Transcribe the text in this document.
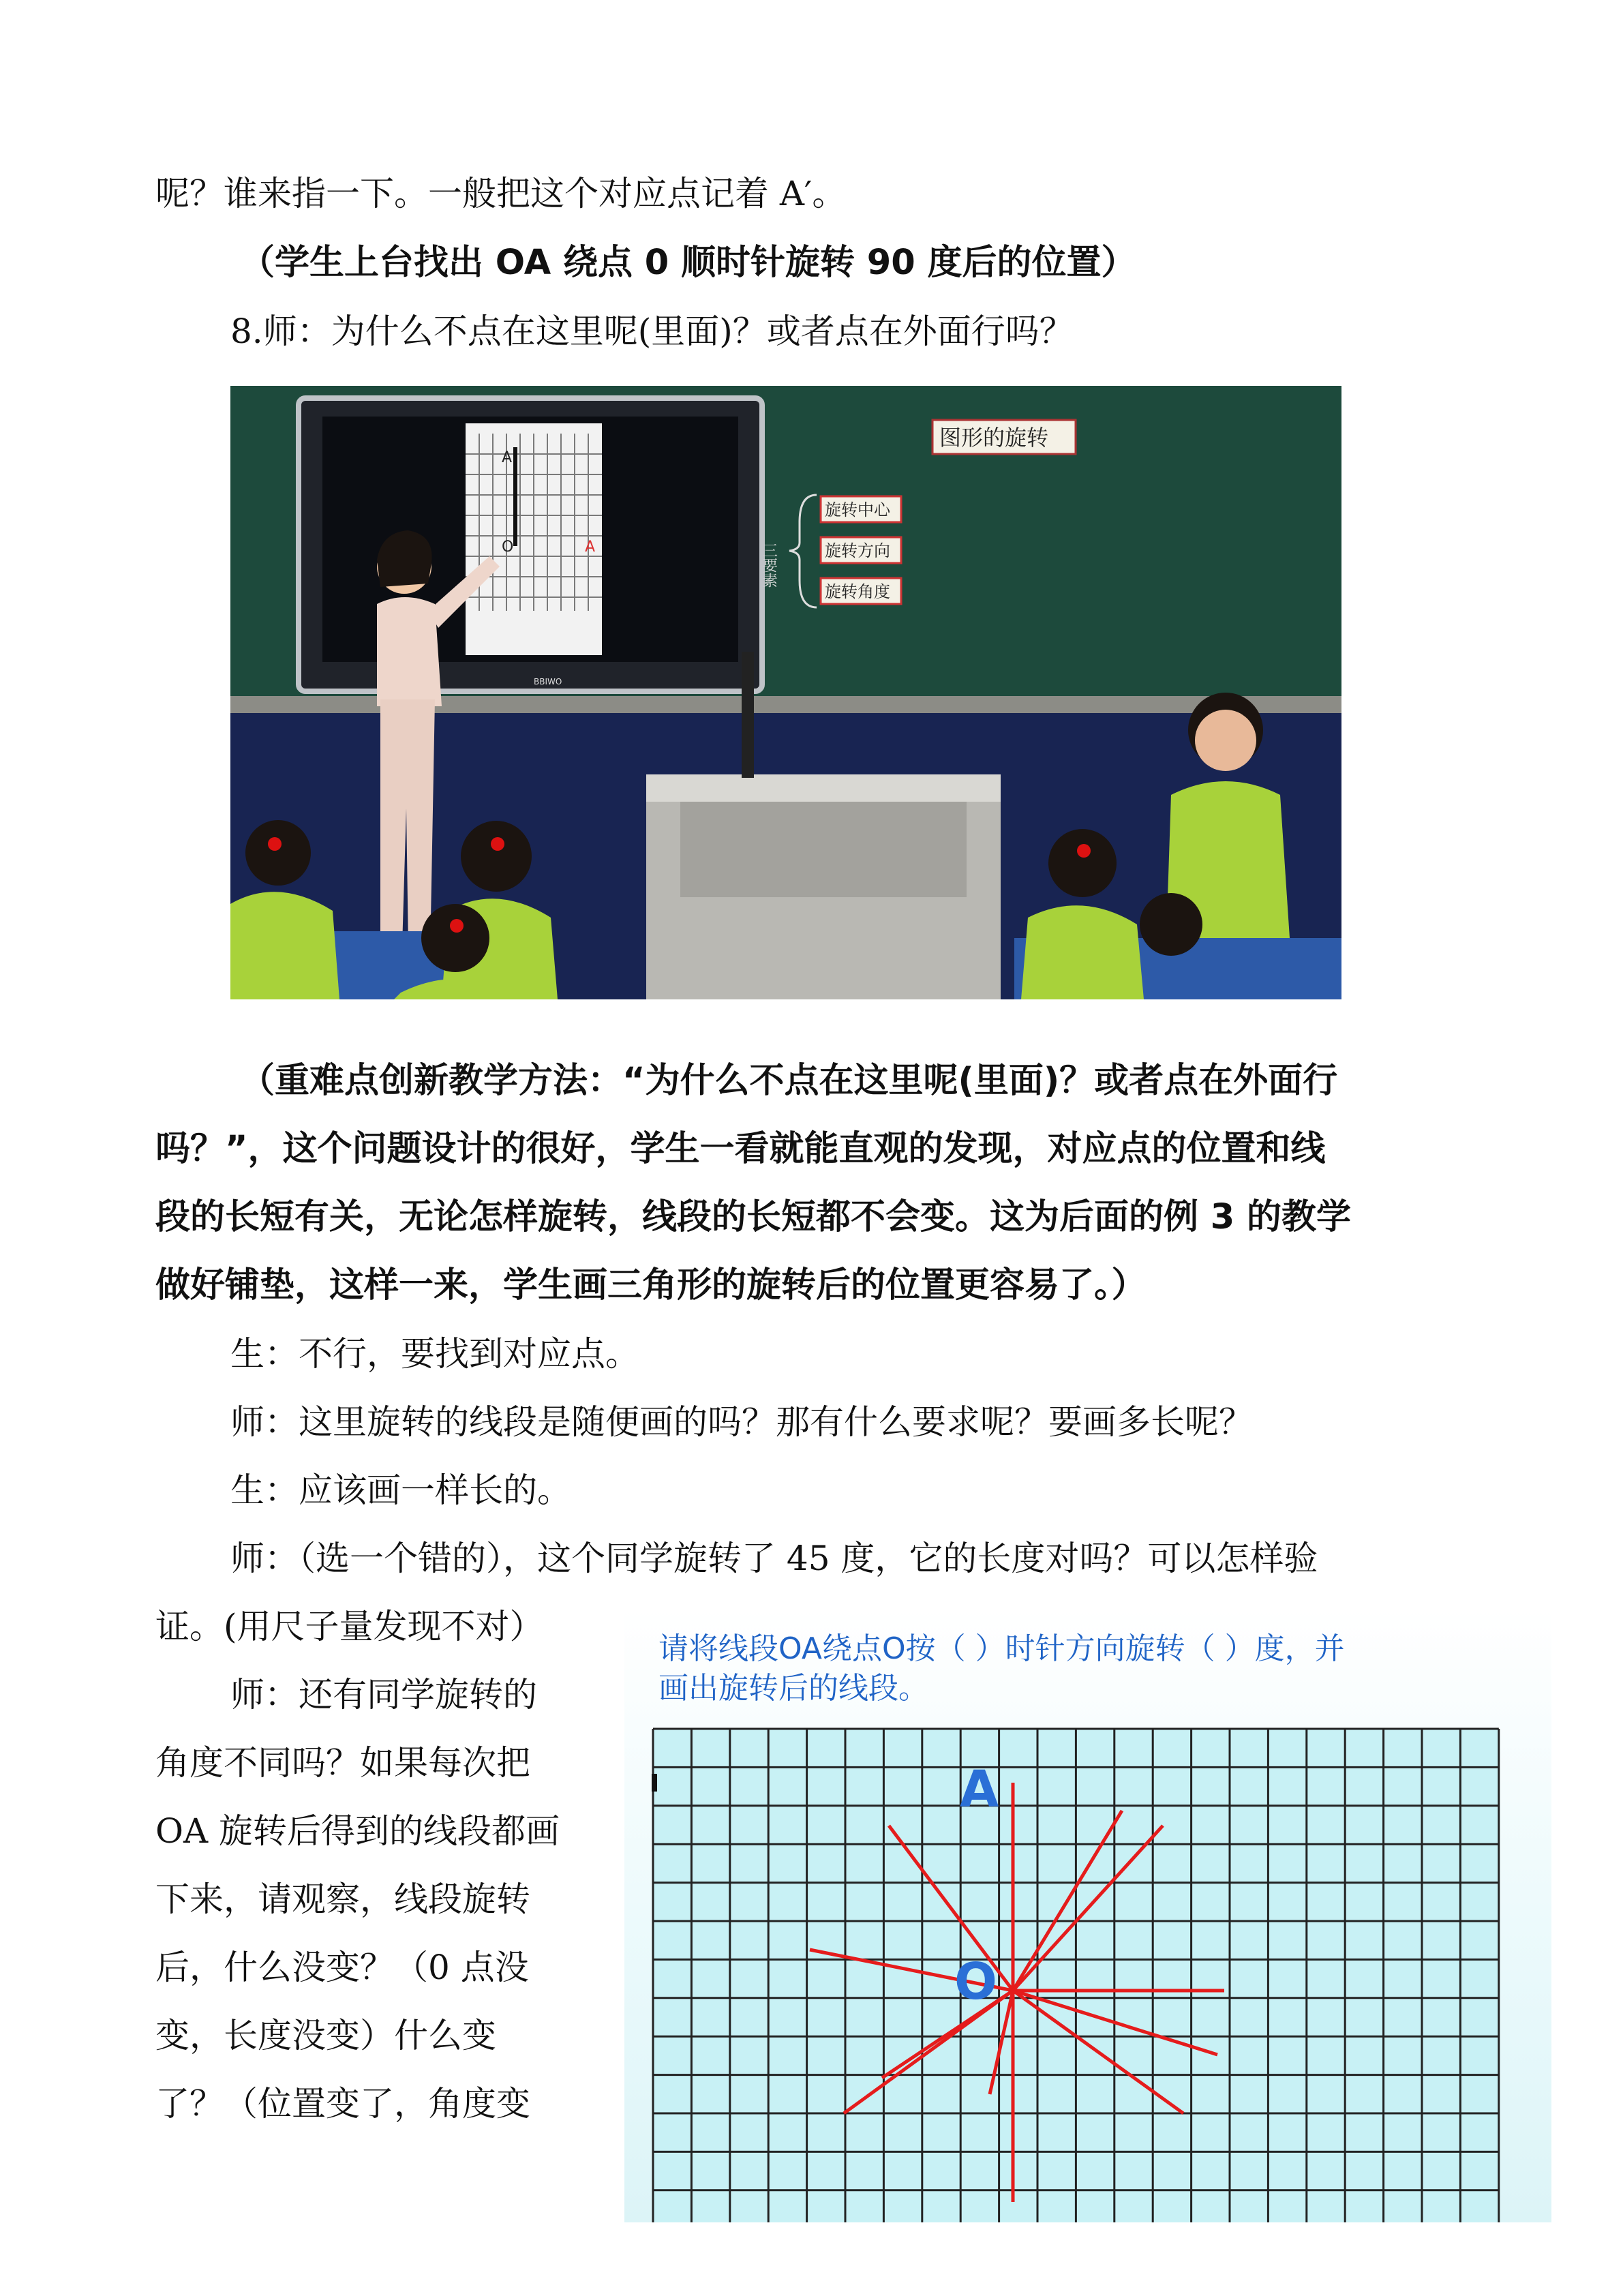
呢？谁来指一下。一般把这个对应点记着 A′。
（学生上台找出 OA 绕点 0 顺时针旋转 90 度后的位置）
8.师：为什么不点在这里呢(里面)？或者点在外面行吗？
A
O	A
BBIWO
图形的旋转
旋转中心
旋转方向
旋转角度
三要素
（重难点创新教学方法：“为什么不点在这里呢(里面)？或者点在外面行
吗？”，这个问题设计的很好，学生一看就能直观的发现，对应点的位置和线
段的长短有关，无论怎样旋转，线段的长短都不会变。这为后面的例 3 的教学
做好铺垫，这样一来，学生画三角形的旋转后的位置更容易了。）
生：不行，要找到对应点。
师：这里旋转的线段是随便画的吗？那有什么要求呢？要画多长呢？
生：应该画一样长的。
师：（选一个错的），这个同学旋转了 45 度，它的长度对吗？可以怎样验
证。(用尺子量发现不对）
师：还有同学旋转的
角度不同吗？如果每次把
OA 旋转后得到的线段都画
下来，请观察，线段旋转
后，什么没变？（0 点没
变，长度没变）什么变
了？（位置变了，角度变
请将线段OA绕点O按（ ）时针方向旋转（ ）度，并
画出旋转后的线段。
A
O
